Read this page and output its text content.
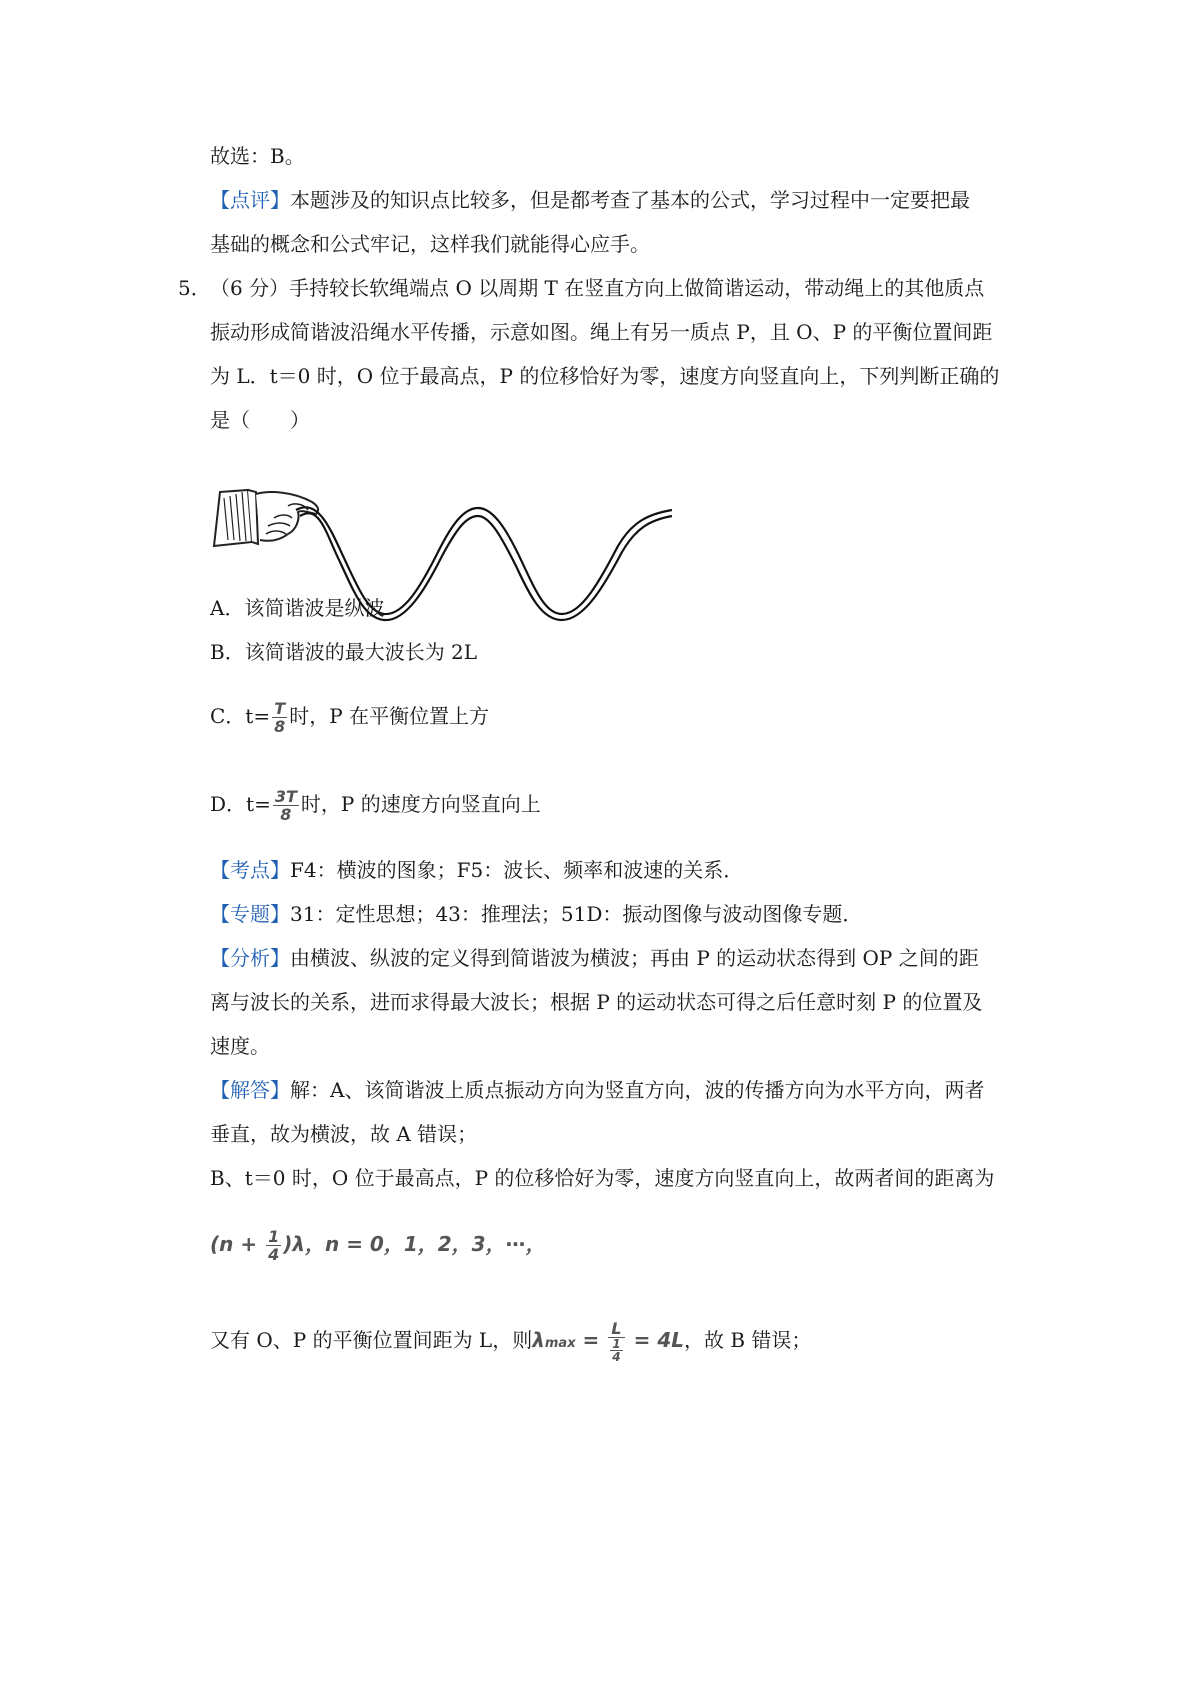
故选：B。
【点评】本题涉及的知识点比较多，但是都考查了基本的公式，学习过程中一定要把最
基础的概念和公式牢记，这样我们就能得心应手。
5． （6 分）手持较长软绳端点 O 以周期 T 在竖直方向上做简谐运动，带动绳上的其他质点
振动形成简谐波沿绳水平传播，示意如图。绳上有另一质点 P，且 O、P 的平衡位置间距
为 L．t＝0 时，O 位于最高点，P 的位移恰好为零，速度方向竖直向上，下列判断正确的
是（　　）
A．该简谐波是纵波
B．该简谐波的最大波长为 2L
C．$t= \frac{T}{8}$ 时，P 在平衡位置上方
D．$t= \frac{3T}{8}$ 时，P 的速度方向竖直向上
【考点】F4：横波的图象；F5：波长、频率和波速的关系．
【专题】31：定性思想；43：推理法；51D：振动图像与波动图像专题．
【分析】由横波、纵波的定义得到简谐波为横波；再由 P 的运动状态得到 OP 之间的距
离与波长的关系，进而求得最大波长；根据 P 的运动状态可得之后任意时刻 P 的位置及
速度。
【解答】解：A、该简谐波上质点振动方向为竖直方向，波的传播方向为水平方向，两者
垂直，故为横波，故 A 错误；
B、t＝0 时，O 位于最高点，P 的位移恰好为零，速度方向竖直向上，故两者间的距离为
$(n + \frac{1}{4} )\lambda$，n = 0，1，2，3，⋯，
又有 O、P 的平衡位置间距为 L，则$\lambda\max = \frac{L}{\frac{1}{4}} = 4L$，故 B 错误；
